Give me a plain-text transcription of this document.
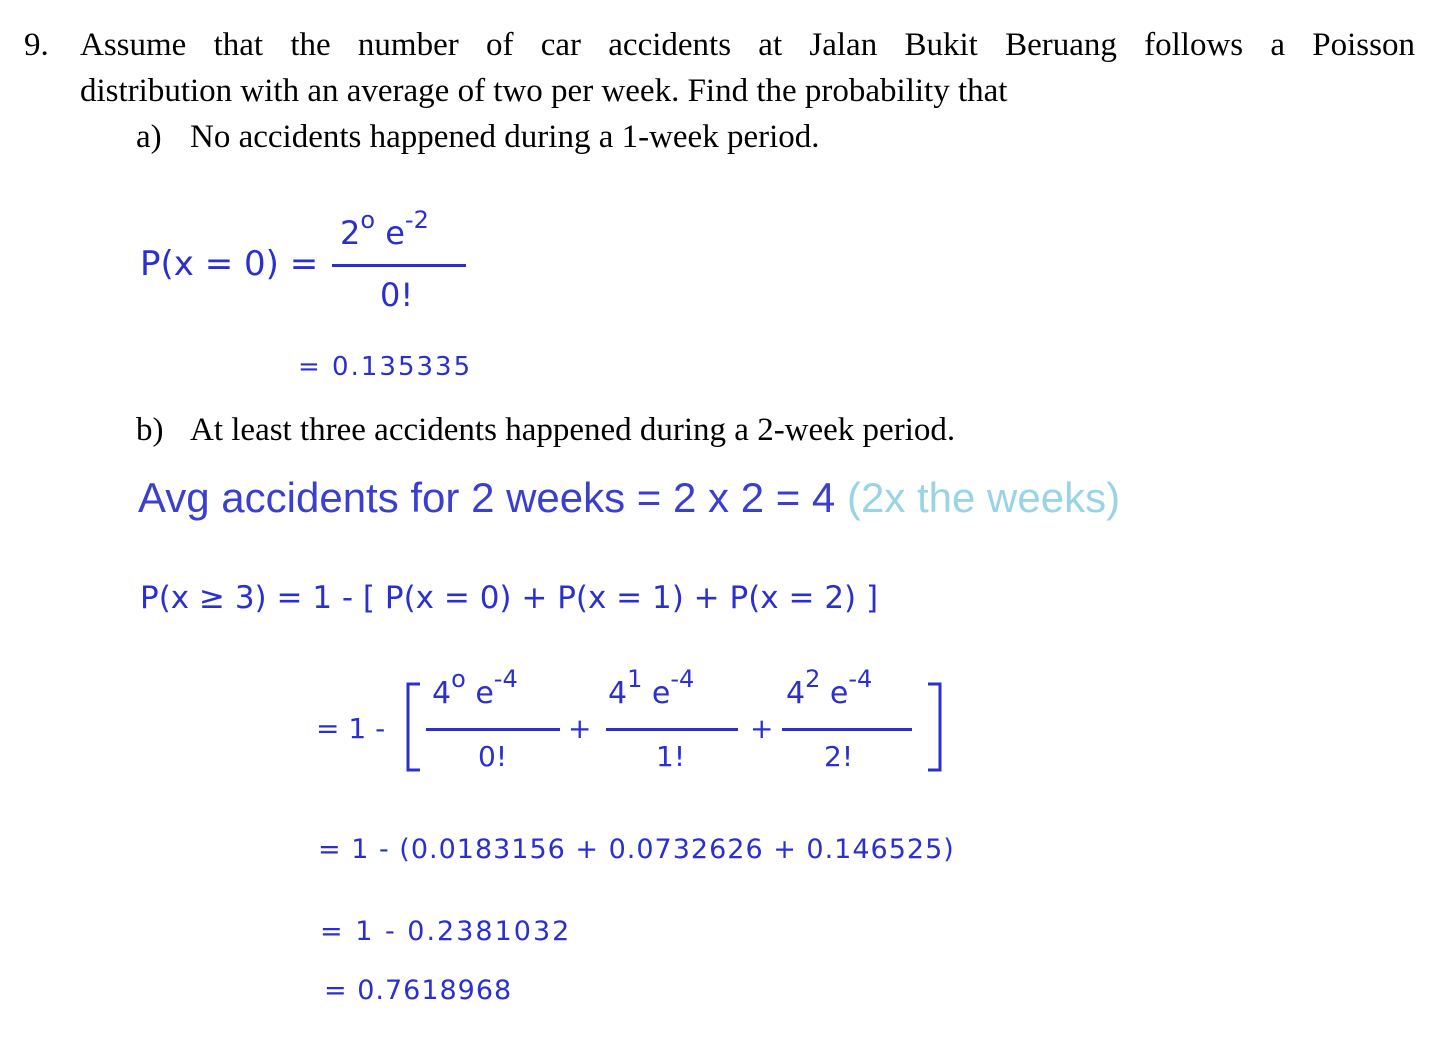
9. Assume that the number of car accidents at Jalan Bukit Beruang follows a Poisson
distribution with an average of two per week. Find the probability that
a) No accidents happened during a 1-week period.
P(x = 0) =
$2^o$ $e^{-2}$
0!
= 0.135335
b) At least three accidents happened during a 2-week period.
Avg accidents for 2 weeks = 2 x 2 = 4 (2x the weeks)
P(x ≥ 3) = 1 - [ P(x = 0) + P(x = 1) + P(x = 2) ]
= 1 -
4$^o$ $e^{-4}$
0!
+
$4^1$ $e^{-4}$
1!
+
$4^2$ $e^{-4}$
2!
= 1 - (0.0183156 + 0.0732626 + 0.146525)
= 1 - 0.2381032
= 0.7618968
